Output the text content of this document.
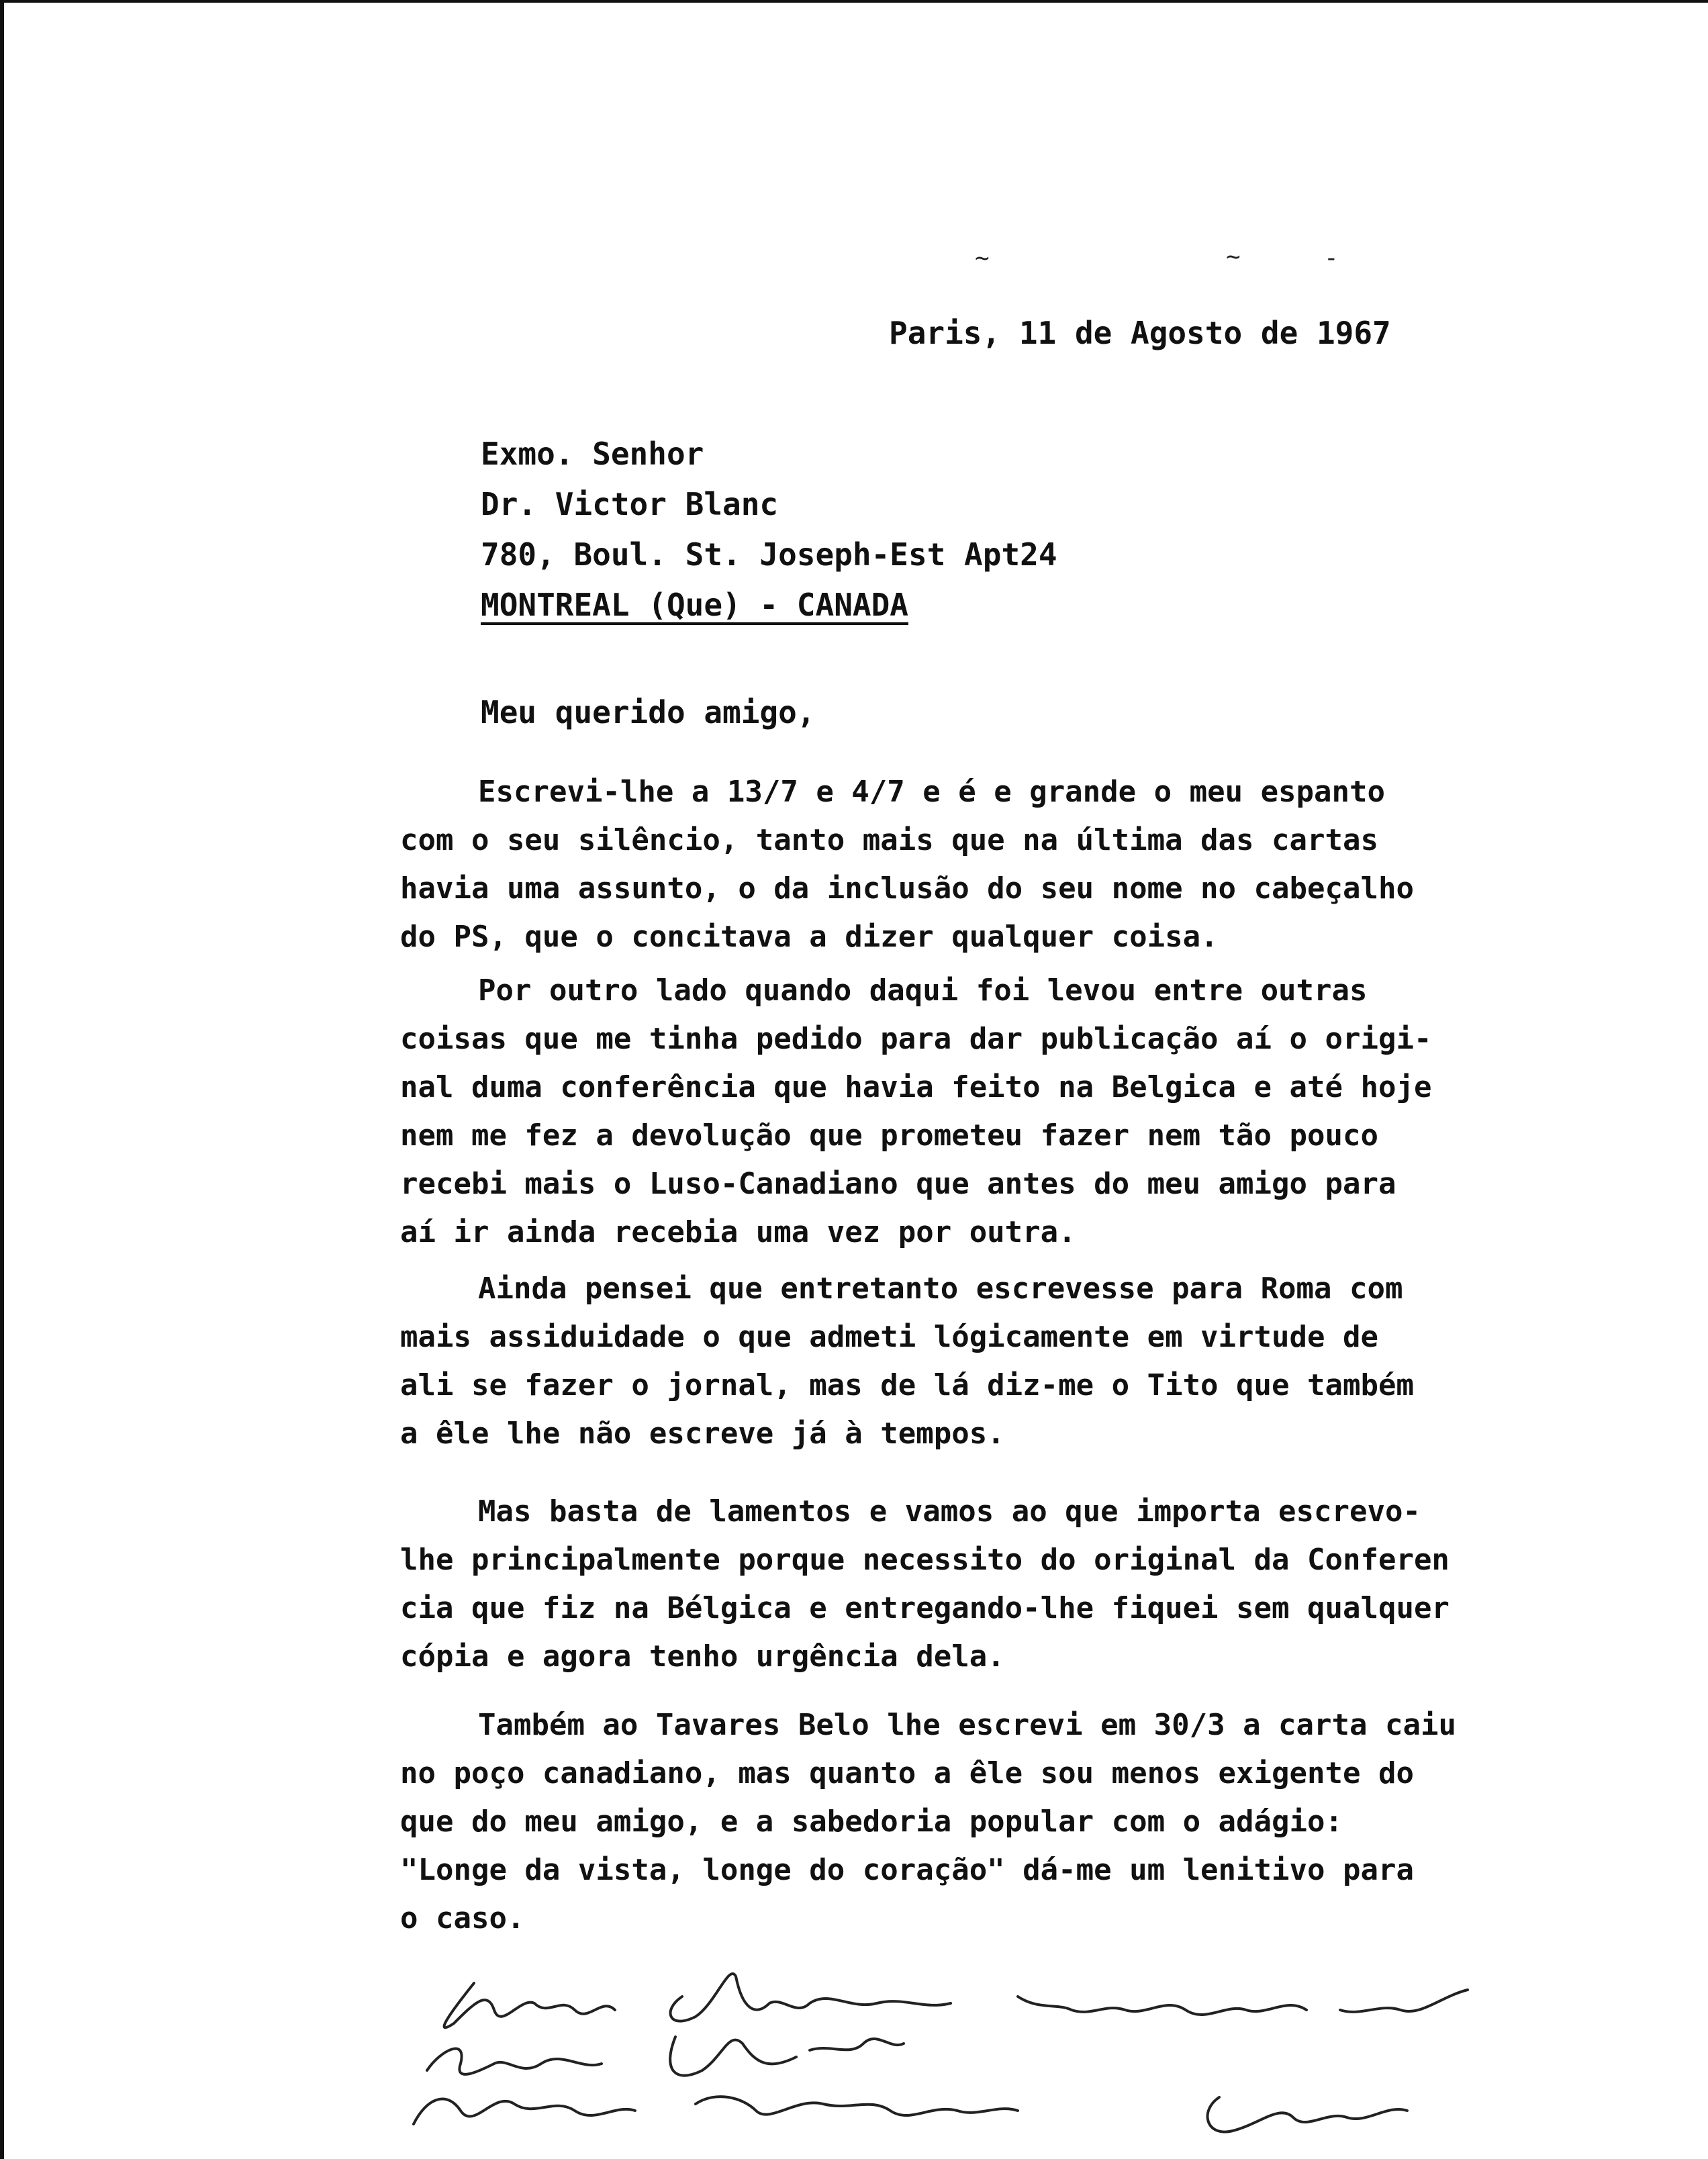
~	~	-
Paris, 11 de Agosto de 1967
Exmo. Senhor
Dr. Victor Blanc
780, Boul. St. Joseph-Est Apt24
MONTREAL (Que) - CANADA
Meu querido amigo,
Escrevi-lhe a 13/7 e 4/7 e é e grande o meu espanto
com o seu silêncio, tanto mais que na última das cartas
havia uma assunto, o da inclusão do seu nome no cabeçalho
do PS, que o concitava a dizer qualquer coisa.
Por outro lado quando daqui foi levou entre outras
coisas que me tinha pedido para dar publicação aí o origi-
nal duma conferência que havia feito na Belgica e até hoje
nem me fez a devolução que prometeu fazer nem tão pouco
recebi mais o Luso-Canadiano que antes do meu amigo para
aí ir ainda recebia uma vez por outra.
Ainda pensei que entretanto escrevesse para Roma com
mais assiduidade o que admeti lógicamente em virtude de
ali se fazer o jornal, mas de lá diz-me o Tito que também
a êle lhe não escreve já à tempos.
Mas basta de lamentos e vamos ao que importa escrevo-
lhe principalmente porque necessito do original da Conferen
cia que fiz na Bélgica e entregando-lhe fiquei sem qualquer
cópia e agora tenho urgência dela.
Também ao Tavares Belo lhe escrevi em 30/3 a carta caiu
no poço canadiano, mas quanto a êle sou menos exigente do
que do meu amigo, e a sabedoria popular com o adágio:
"Longe da vista, longe do coração" dá-me um lenitivo para
o caso.
